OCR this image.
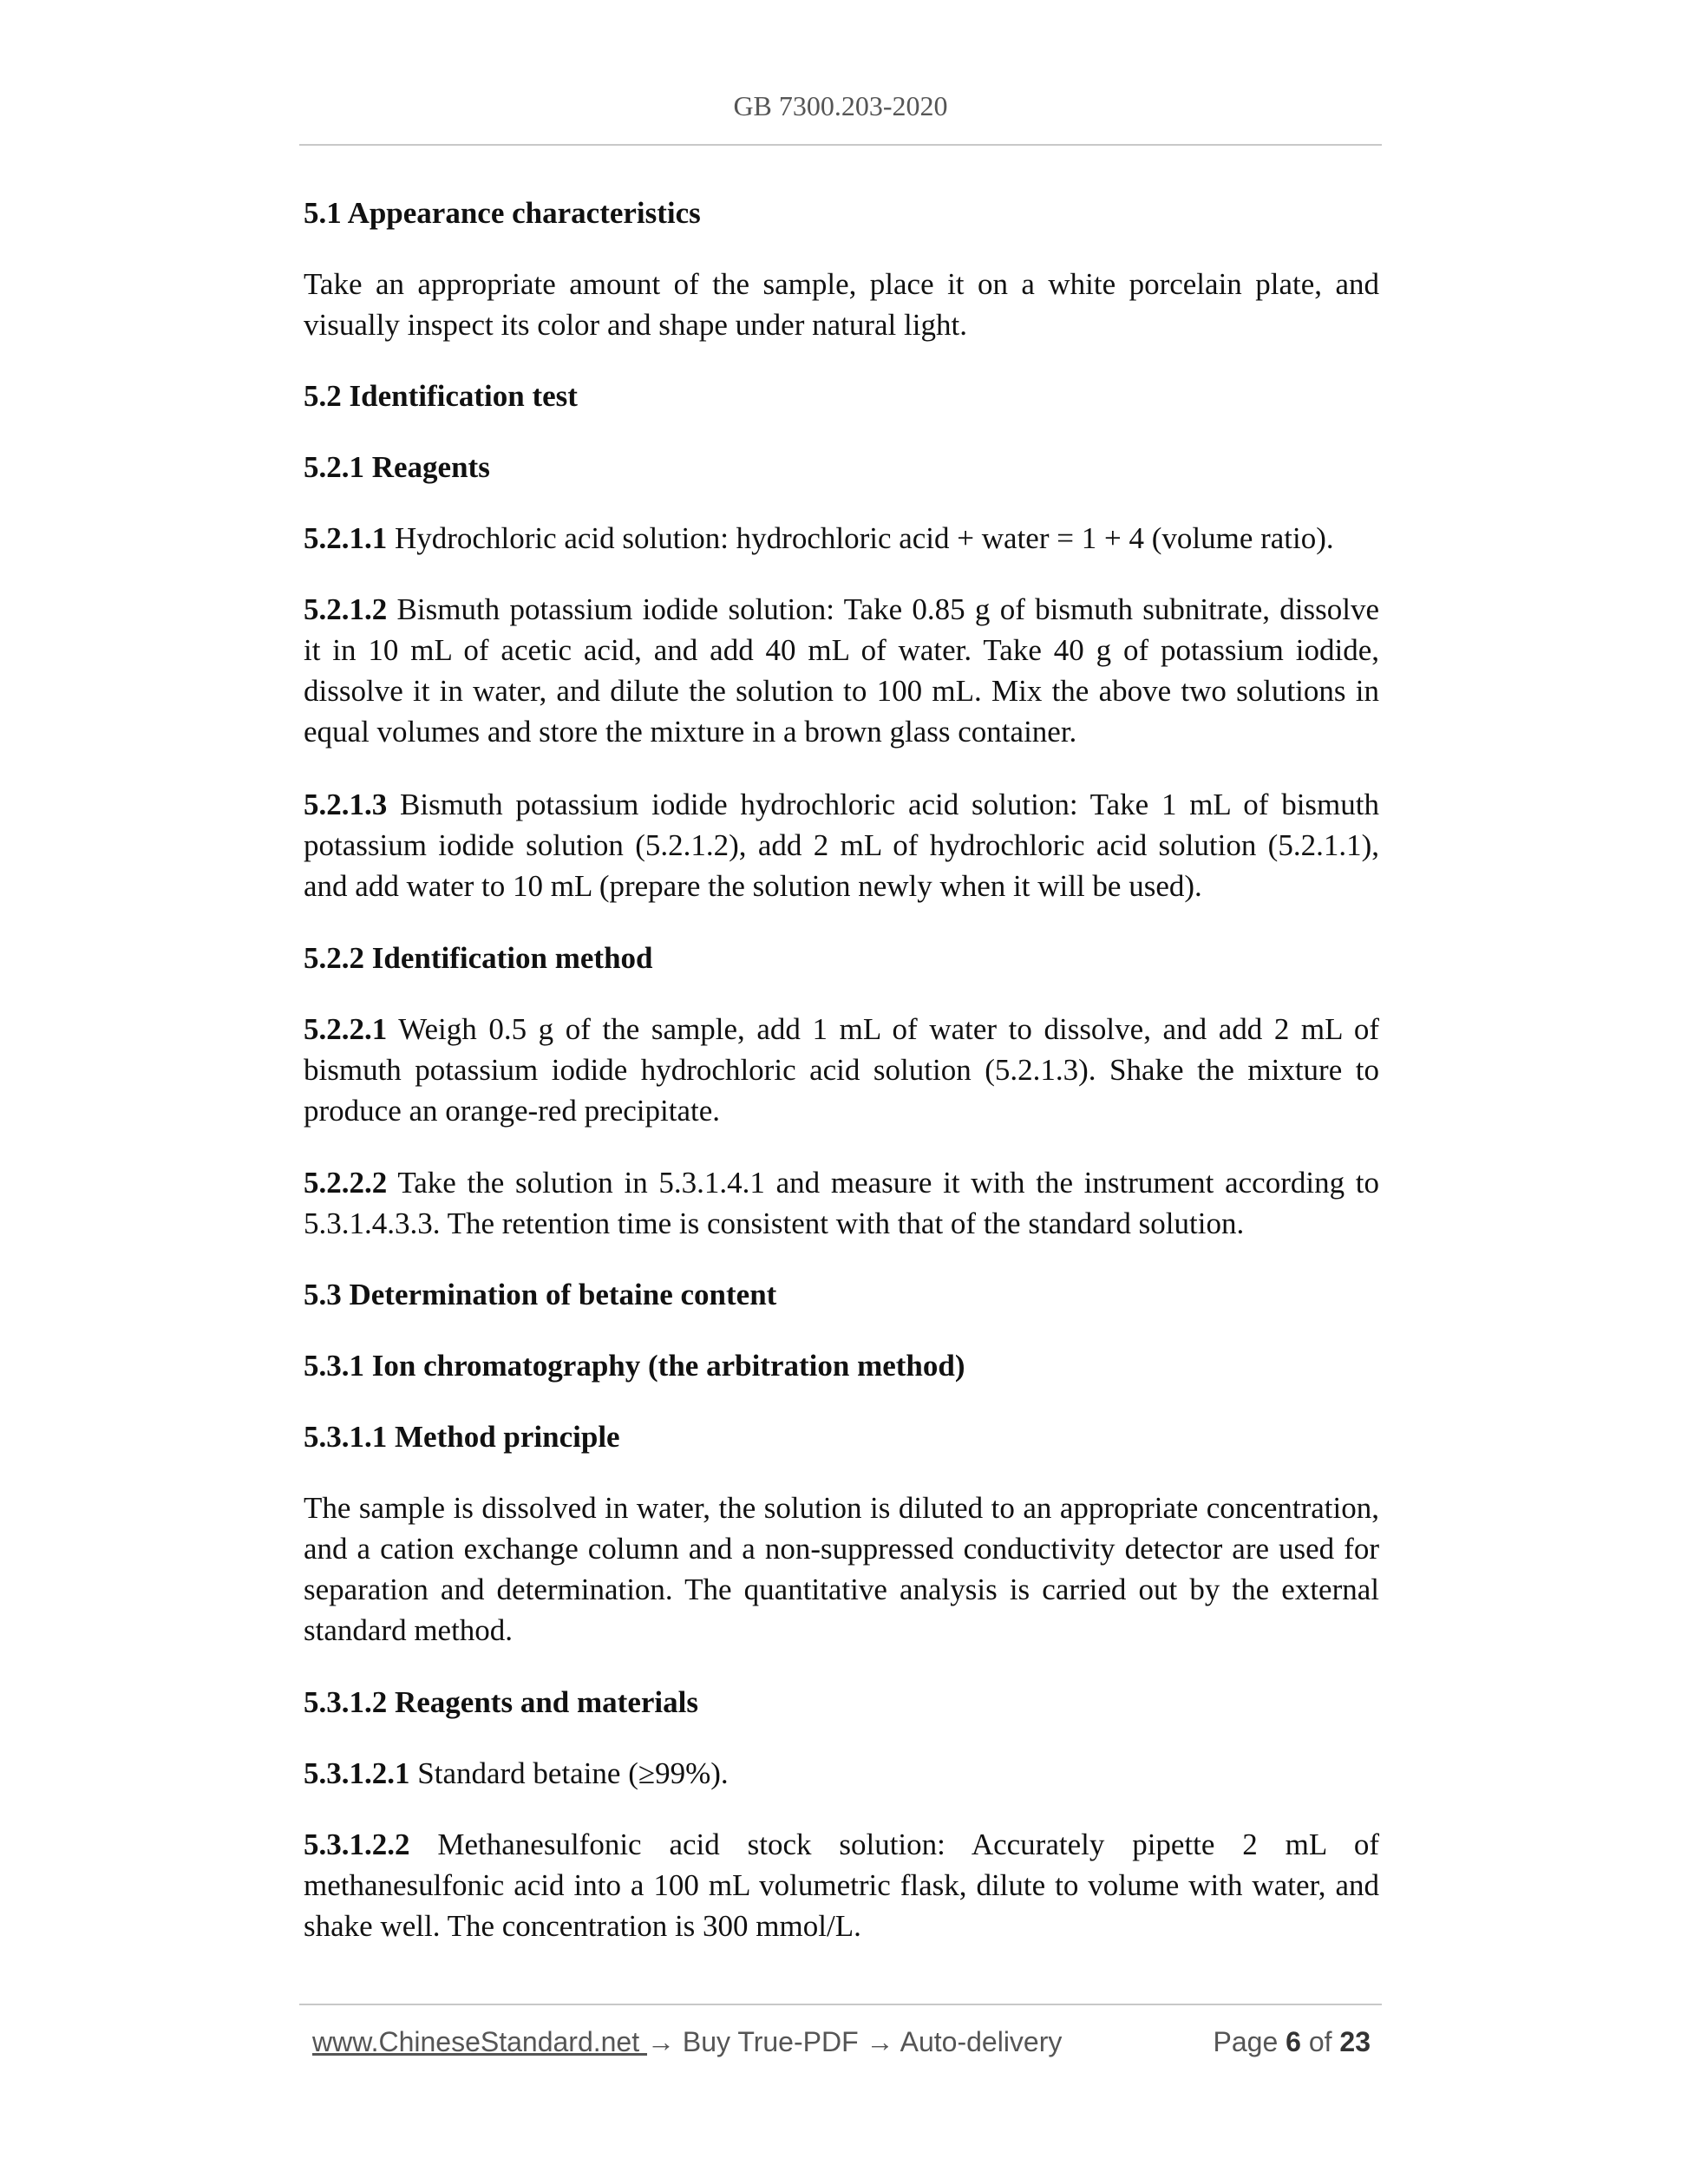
GB 7300.203-2020

5.1 Appearance characteristics

Take an appropriate amount of the sample, place it on a white porcelain plate, and visually inspect its color and shape under natural light.

5.2 Identification test

5.2.1 Reagents

5.2.1.1 Hydrochloric acid solution: hydrochloric acid + water = 1 + 4 (volume ratio).

5.2.1.2 Bismuth potassium iodide solution: Take 0.85 g of bismuth subnitrate, dissolve it in 10 mL of acetic acid, and add 40 mL of water. Take 40 g of potassium iodide, dissolve it in water, and dilute the solution to 100 mL. Mix the above two solutions in equal volumes and store the mixture in a brown glass container.

5.2.1.3 Bismuth potassium iodide hydrochloric acid solution: Take 1 mL of bismuth potassium iodide solution (5.2.1.2), add 2 mL of hydrochloric acid solution (5.2.1.1), and add water to 10 mL (prepare the solution newly when it will be used).

5.2.2 Identification method

5.2.2.1 Weigh 0.5 g of the sample, add 1 mL of water to dissolve, and add 2 mL of bismuth potassium iodide hydrochloric acid solution (5.2.1.3). Shake the mixture to produce an orange-red precipitate.

5.2.2.2 Take the solution in 5.3.1.4.1 and measure it with the instrument according to 5.3.1.4.3.3. The retention time is consistent with that of the standard solution.

5.3 Determination of betaine content

5.3.1 Ion chromatography (the arbitration method)

5.3.1.1 Method principle

The sample is dissolved in water, the solution is diluted to an appropriate concentration, and a cation exchange column and a non-suppressed conductivity detector are used for separation and determination. The quantitative analysis is carried out by the external standard method.

5.3.1.2 Reagents and materials

5.3.1.2.1 Standard betaine (≥99%).

5.3.1.2.2 Methanesulfonic acid stock solution: Accurately pipette 2 mL of methanesulfonic acid into a 100 mL volumetric flask, dilute to volume with water, and shake well. The concentration is 300 mmol/L.

www.ChineseStandard.net → Buy True-PDF → Auto-delivery	Page 6 of 23
